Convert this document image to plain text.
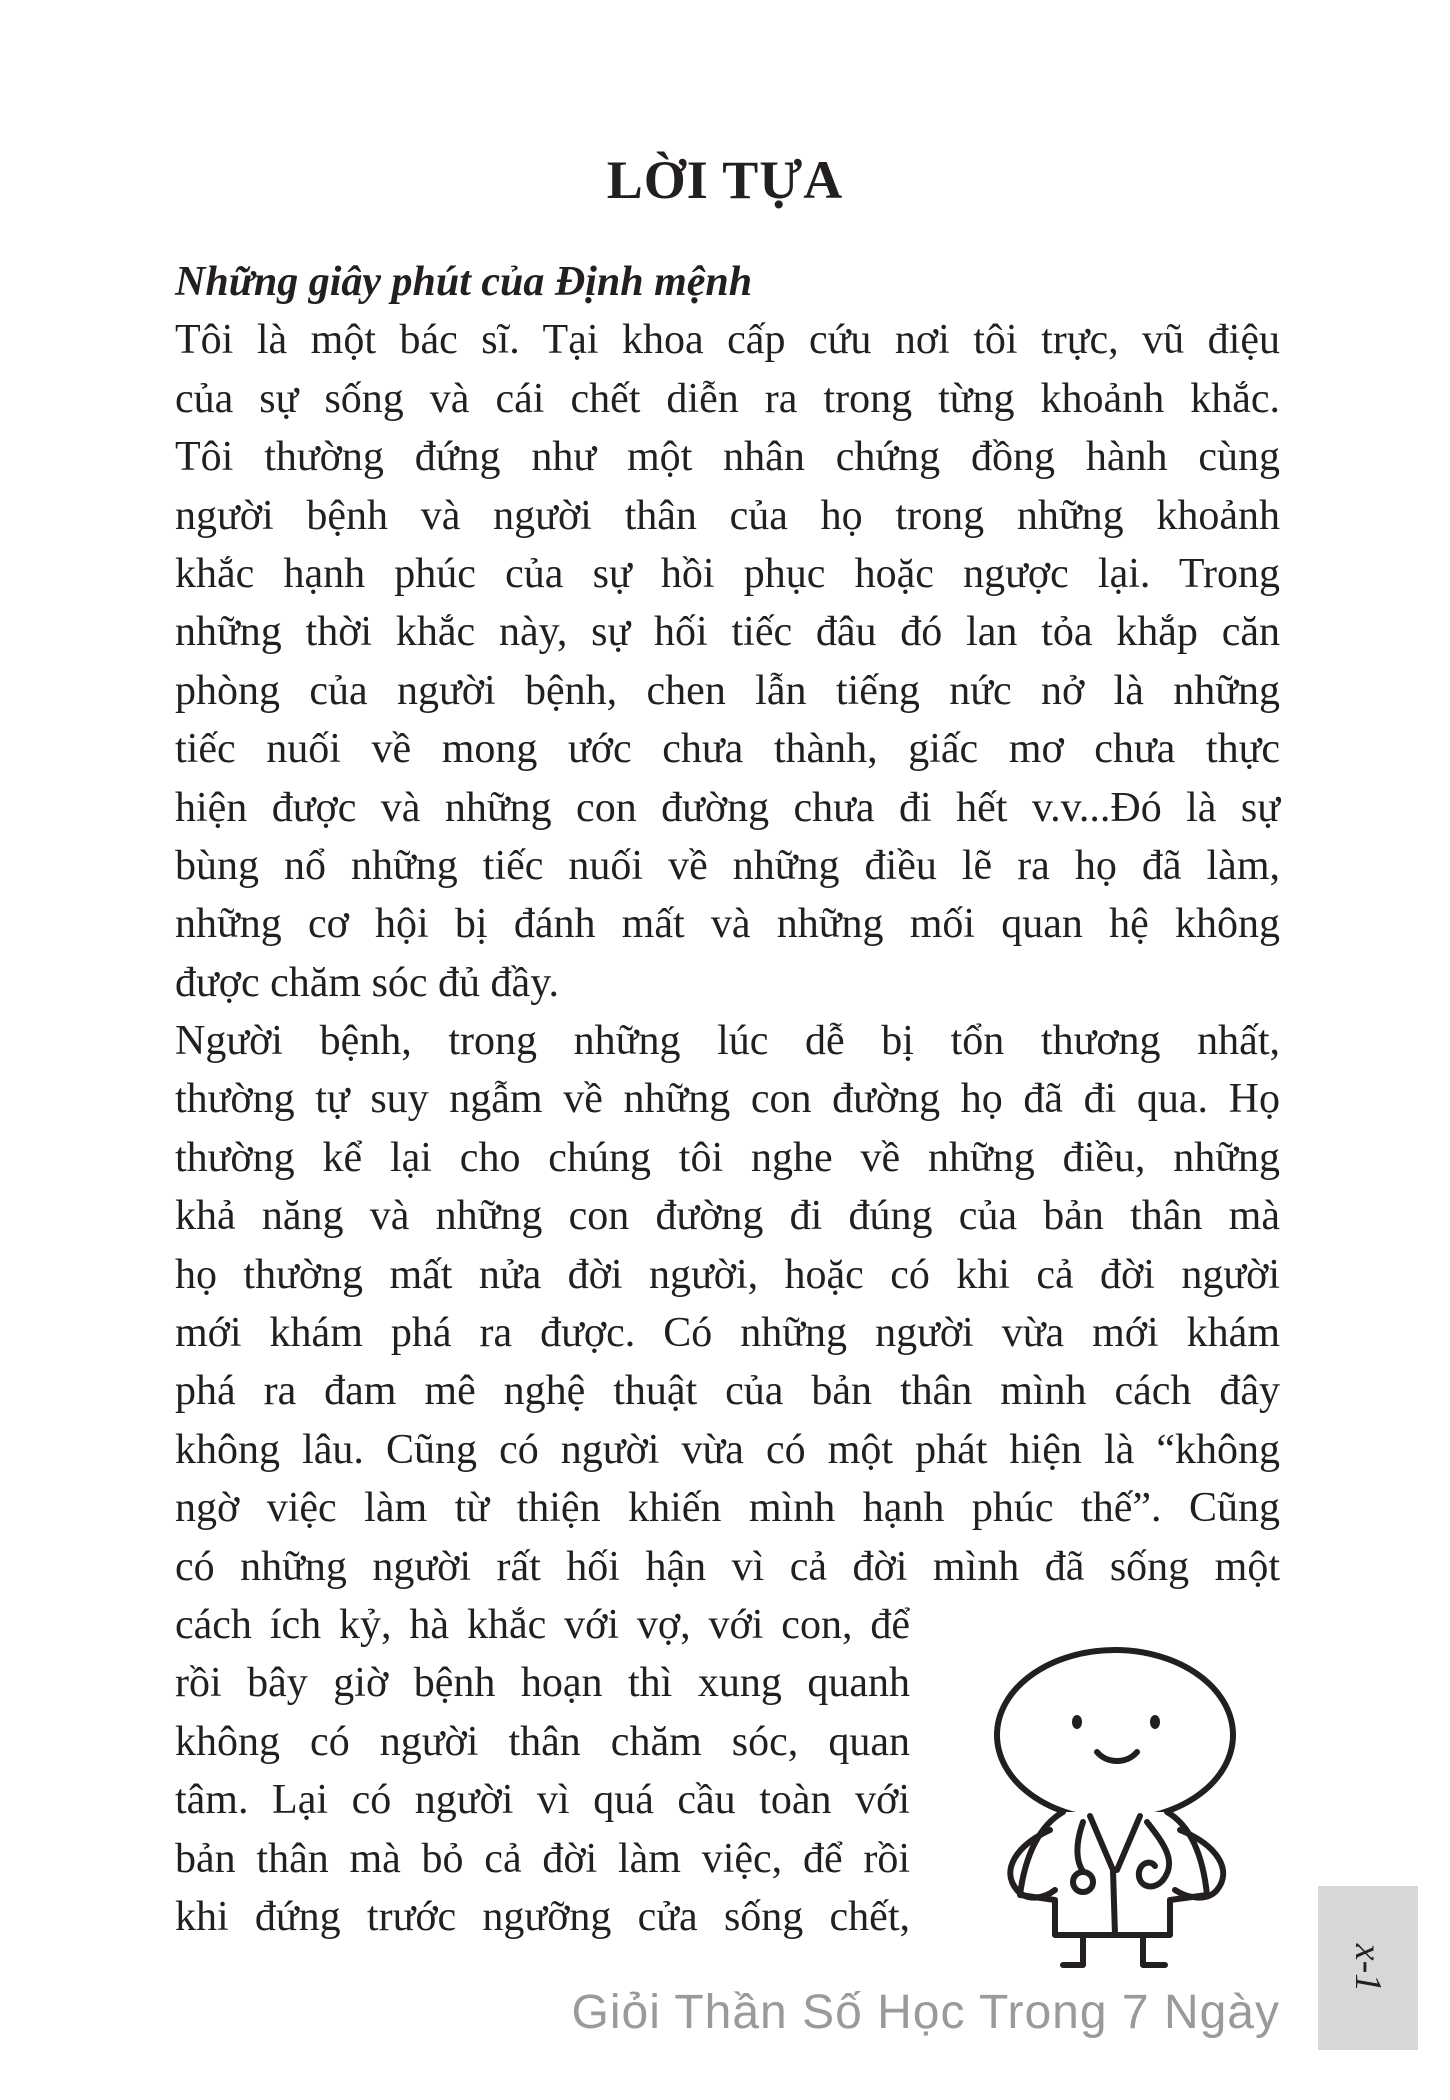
LỜI TỰA
Những giây phút của Định mệnh
Tôi là một bác sĩ. Tại khoa cấp cứu nơi tôi trực, vũ điệu
của sự sống và cái chết diễn ra trong từng khoảnh khắc.
Tôi thường đứng như một nhân chứng đồng hành cùng
người bệnh và người thân của họ trong những khoảnh
khắc hạnh phúc của sự hồi phục hoặc ngược lại. Trong
những thời khắc này, sự hối tiếc đâu đó lan tỏa khắp căn
phòng của người bệnh, chen lẫn tiếng nức nở là những
tiếc nuối về mong ước chưa thành, giấc mơ chưa thực
hiện được và những con đường chưa đi hết v.v...Đó là sự
bùng nổ những tiếc nuối về những điều lẽ ra họ đã làm,
những cơ hội bị đánh mất và những mối quan hệ không
được chăm sóc đủ đầy.
Người bệnh, trong những lúc dễ bị tổn thương nhất,
thường tự suy ngẫm về những con đường họ đã đi qua. Họ
thường kể lại cho chúng tôi nghe về những điều, những
khả năng và những con đường đi đúng của bản thân mà
họ thường mất nửa đời người, hoặc có khi cả đời người
mới khám phá ra được. Có những người vừa mới khám
phá ra đam mê nghệ thuật của bản thân mình cách đây
không lâu. Cũng có người vừa có một phát hiện là “không
ngờ việc làm từ thiện khiến mình hạnh phúc thế”. Cũng
có những người rất hối hận vì cả đời mình đã sống một
cách ích kỷ, hà khắc với vợ, với con, để
rồi bây giờ bệnh hoạn thì xung quanh
không có người thân chăm sóc, quan
tâm. Lại có người vì quá cầu toàn với
bản thân mà bỏ cả đời làm việc, để rồi
khi đứng trước ngưỡng cửa sống chết,
Giỏi Thần Số Học Trong 7 Ngày
x-1
